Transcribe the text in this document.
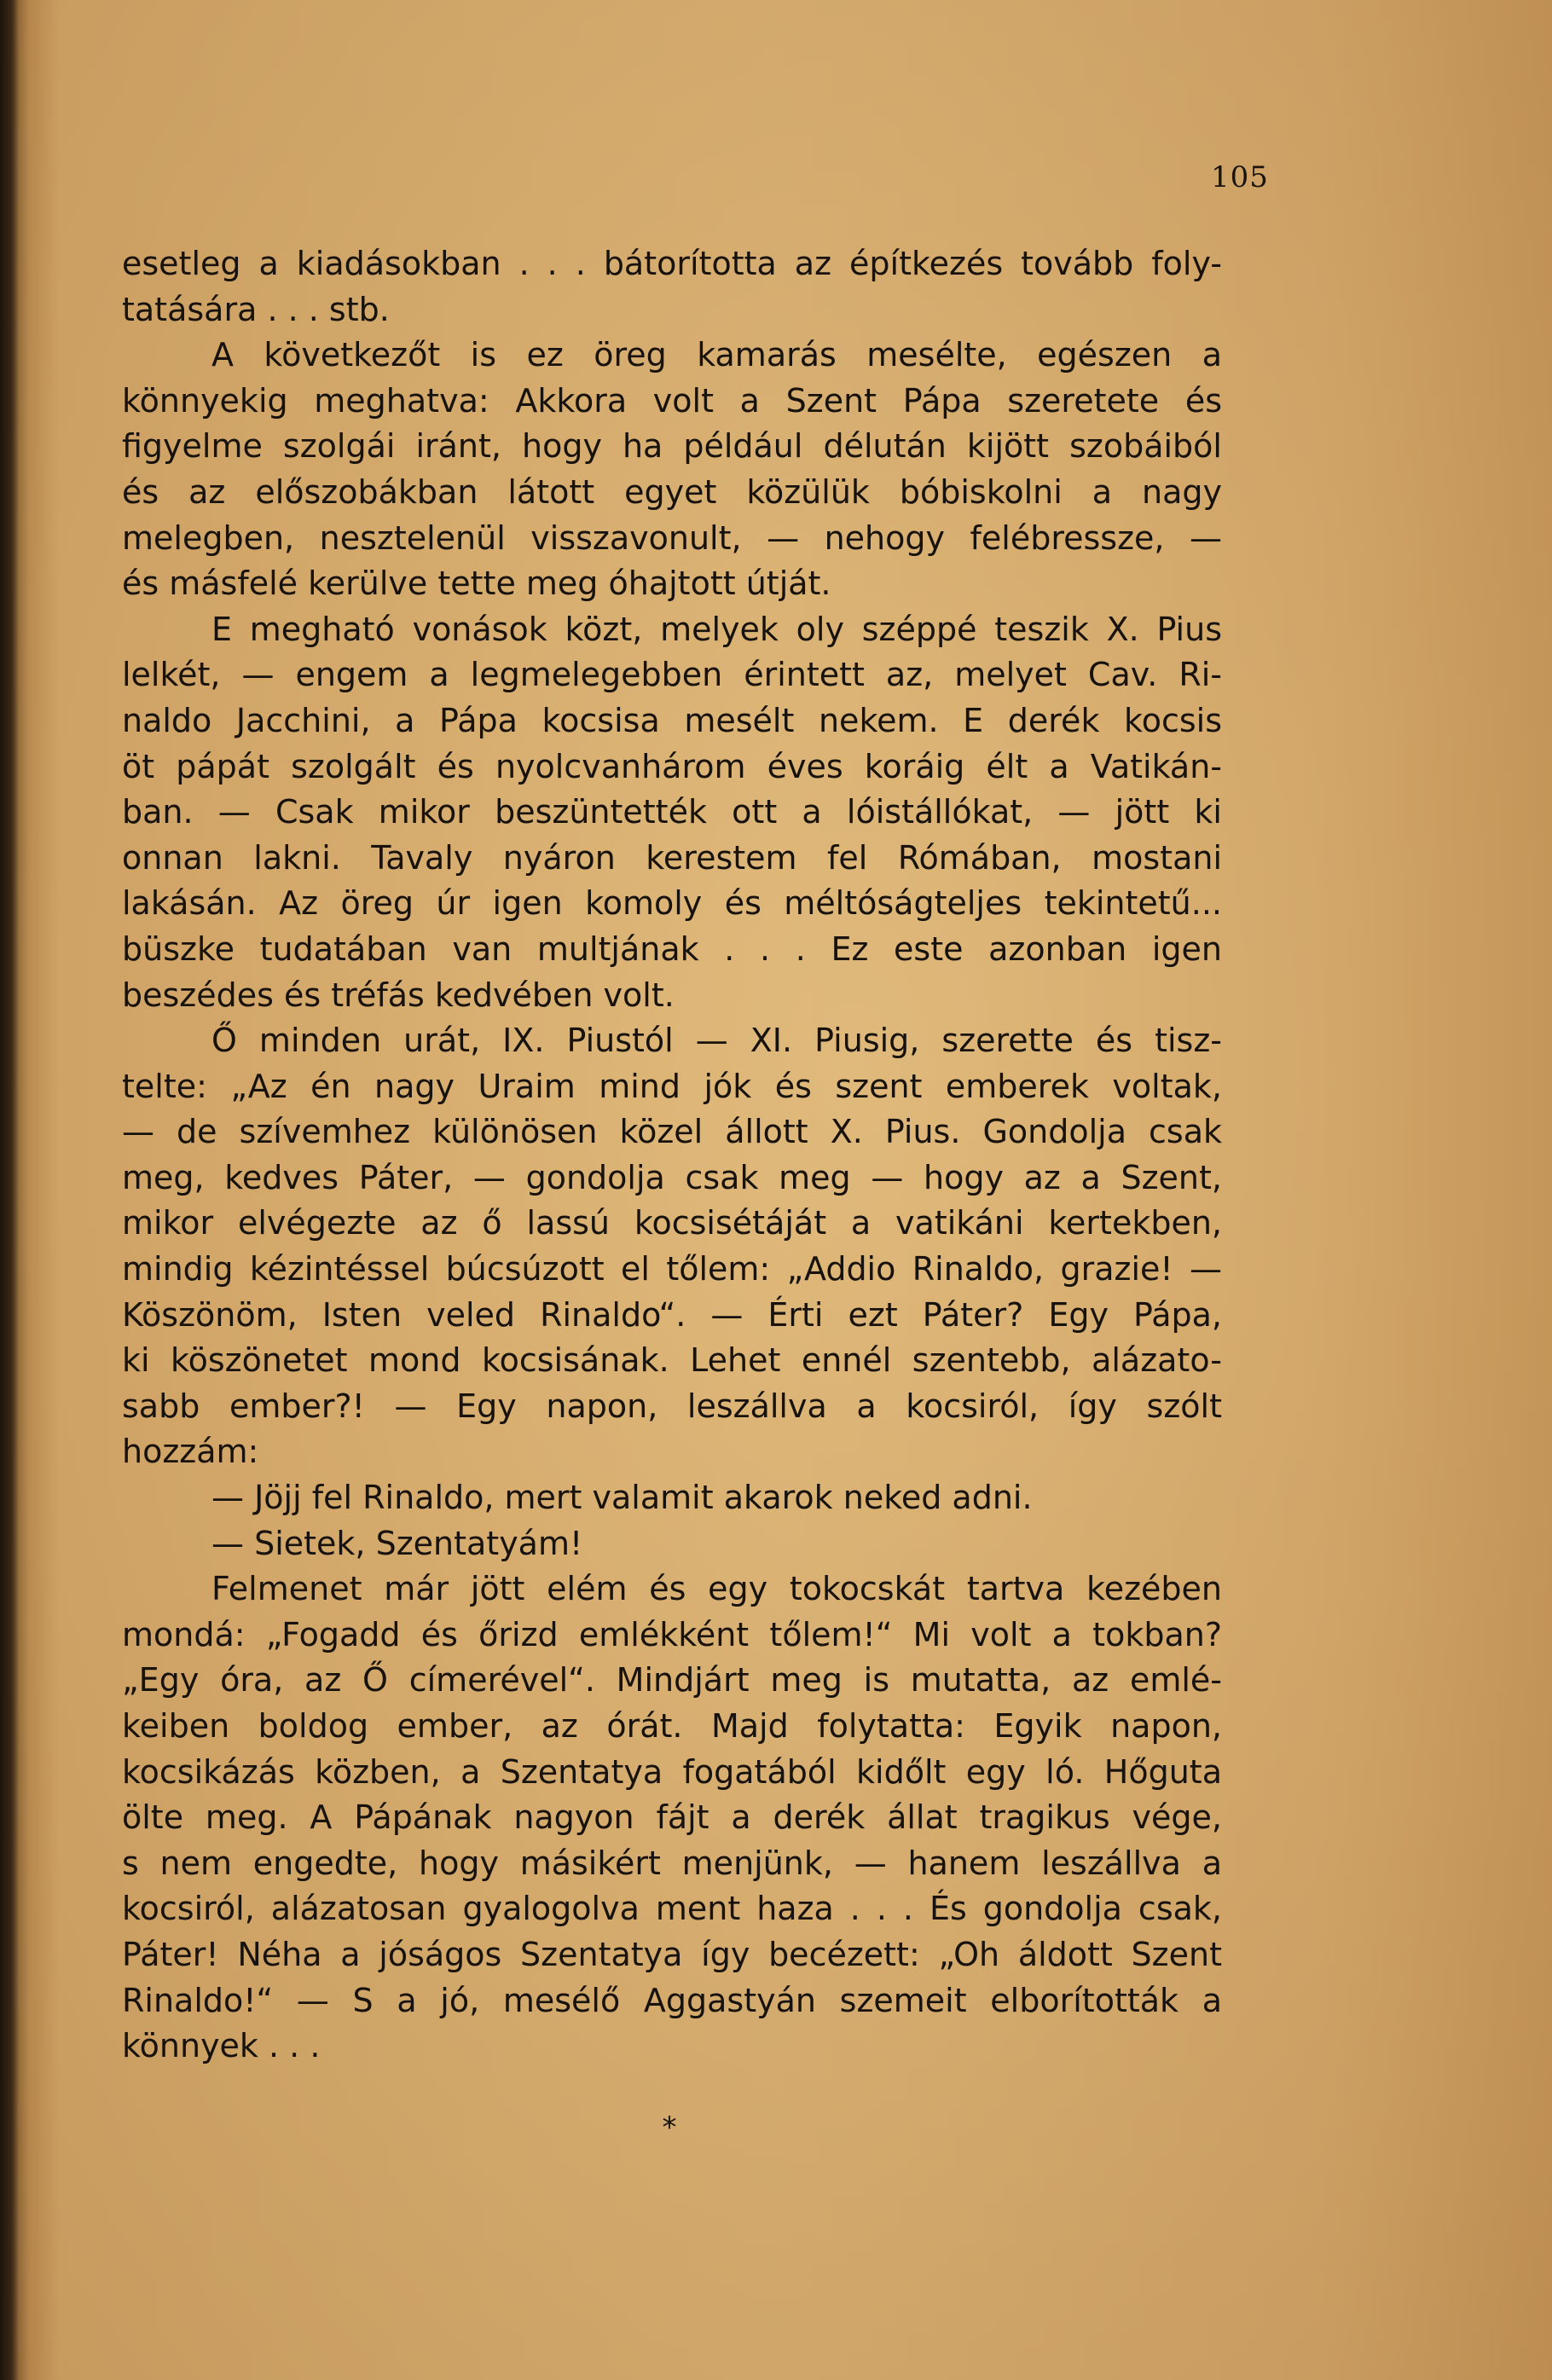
105
esetleg a kiadásokban . . . bátorította az építkezés tovább foly-
tatására . . . stb.
A következőt is ez öreg kamarás mesélte, egészen a
könnyekig meghatva: Akkora volt a Szent Pápa szeretete és
figyelme szolgái iránt, hogy ha például délután kijött szobáiból
és az előszobákban látott egyet közülük bóbiskolni a nagy
melegben, nesztelenül visszavonult, — nehogy felébressze, —
és másfelé kerülve tette meg óhajtott útját.
E megható vonások közt, melyek oly széppé teszik X. Pius
lelkét, — engem a legmelegebben érintett az, melyet Cav. Ri-
naldo Jacchini, a Pápa kocsisa mesélt nekem. E derék kocsis
öt pápát szolgált és nyolcvanhárom éves koráig élt a Vatikán-
ban. — Csak mikor beszüntették ott a lóistállókat, — jött ki
onnan lakni. Tavaly nyáron kerestem fel Rómában, mostani
lakásán. Az öreg úr igen komoly és méltóságteljes tekintetű...
büszke tudatában van multjának . . . Ez este azonban igen
beszédes és tréfás kedvében volt.
Ő minden urát, IX. Piustól — XI. Piusig, szerette és tisz-
telte: „Az én nagy Uraim mind jók és szent emberek voltak,
— de szívemhez különösen közel állott X. Pius. Gondolja csak
meg, kedves Páter, — gondolja csak meg — hogy az a Szent,
mikor elvégezte az ő lassú kocsisétáját a vatikáni kertekben,
mindig kézintéssel búcsúzott el tőlem: „Addio Rinaldo, grazie! —
Köszönöm, Isten veled Rinaldo“. — Érti ezt Páter? Egy Pápa,
ki köszönetet mond kocsisának. Lehet ennél szentebb, alázato-
sabb ember?! — Egy napon, leszállva a kocsiról, így szólt
hozzám:
— Jöjj fel Rinaldo, mert valamit akarok neked adni.
— Sietek, Szentatyám!
Felmenet már jött elém és egy tokocskát tartva kezében
mondá: „Fogadd és őrizd emlékként tőlem!“ Mi volt a tokban?
„Egy óra, az Ő címerével“. Mindjárt meg is mutatta, az emlé-
keiben boldog ember, az órát. Majd folytatta: Egyik napon,
kocsikázás közben, a Szentatya fogatából kidőlt egy ló. Hőguta
ölte meg. A Pápának nagyon fájt a derék állat tragikus vége,
s nem engedte, hogy másikért menjünk, — hanem leszállva a
kocsiról, alázatosan gyalogolva ment haza . . . És gondolja csak,
Páter! Néha a jóságos Szentatya így becézett: „Oh áldott Szent
Rinaldo!“ — S a jó, mesélő Aggastyán szemeit elborították a
könnyek . . .
*
